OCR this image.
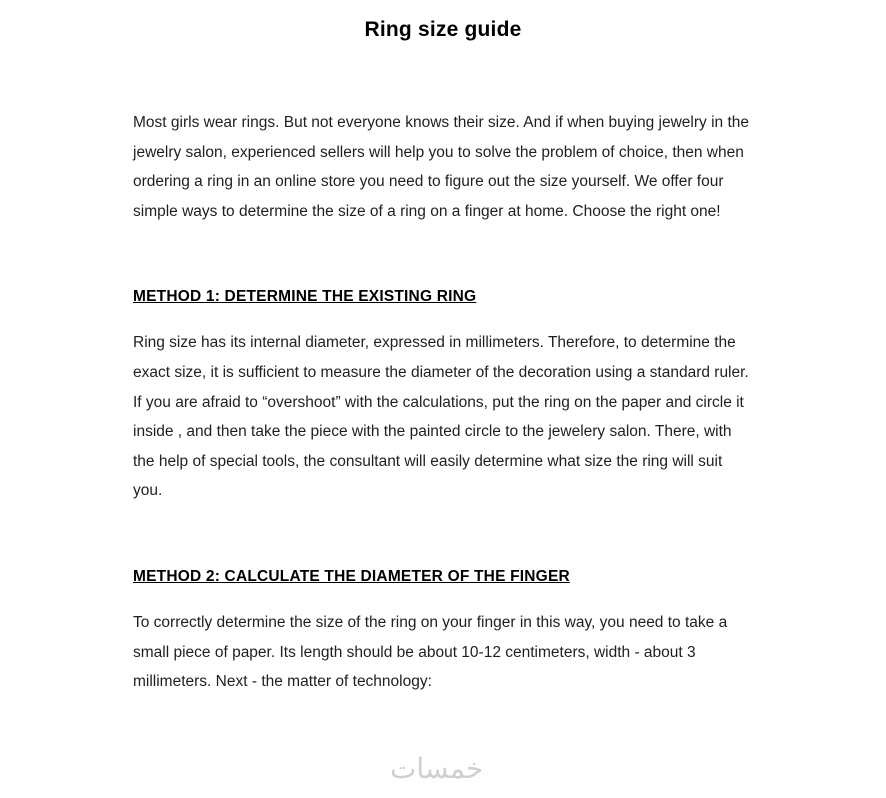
Ring size guide

Most girls wear rings. But not everyone knows their size. And if when buying jewelry in the jewelry salon, experienced sellers will help you to solve the problem of choice, then when ordering a ring in an online store you need to figure out the size yourself. We offer four simple ways to determine the size of a ring on a finger at home. Choose the right one!

METHOD 1: DETERMINE THE EXISTING RING

Ring size has its internal diameter, expressed in millimeters. Therefore, to determine the exact size, it is sufficient to measure the diameter of the decoration using a standard ruler. If you are afraid to “overshoot” with the calculations, put the ring on the paper and circle it inside , and then take the piece with the painted circle to the jewelery salon. There, with the help of special tools, the consultant will easily determine what size the ring will suit you.

METHOD 2: CALCULATE THE DIAMETER OF THE FINGER

To correctly determine the size of the ring on your finger in this way, you need to take a small piece of paper. Its length should be about 10-12 centimeters, width - about 3 millimeters. Next - the matter of technology:

خمسات
